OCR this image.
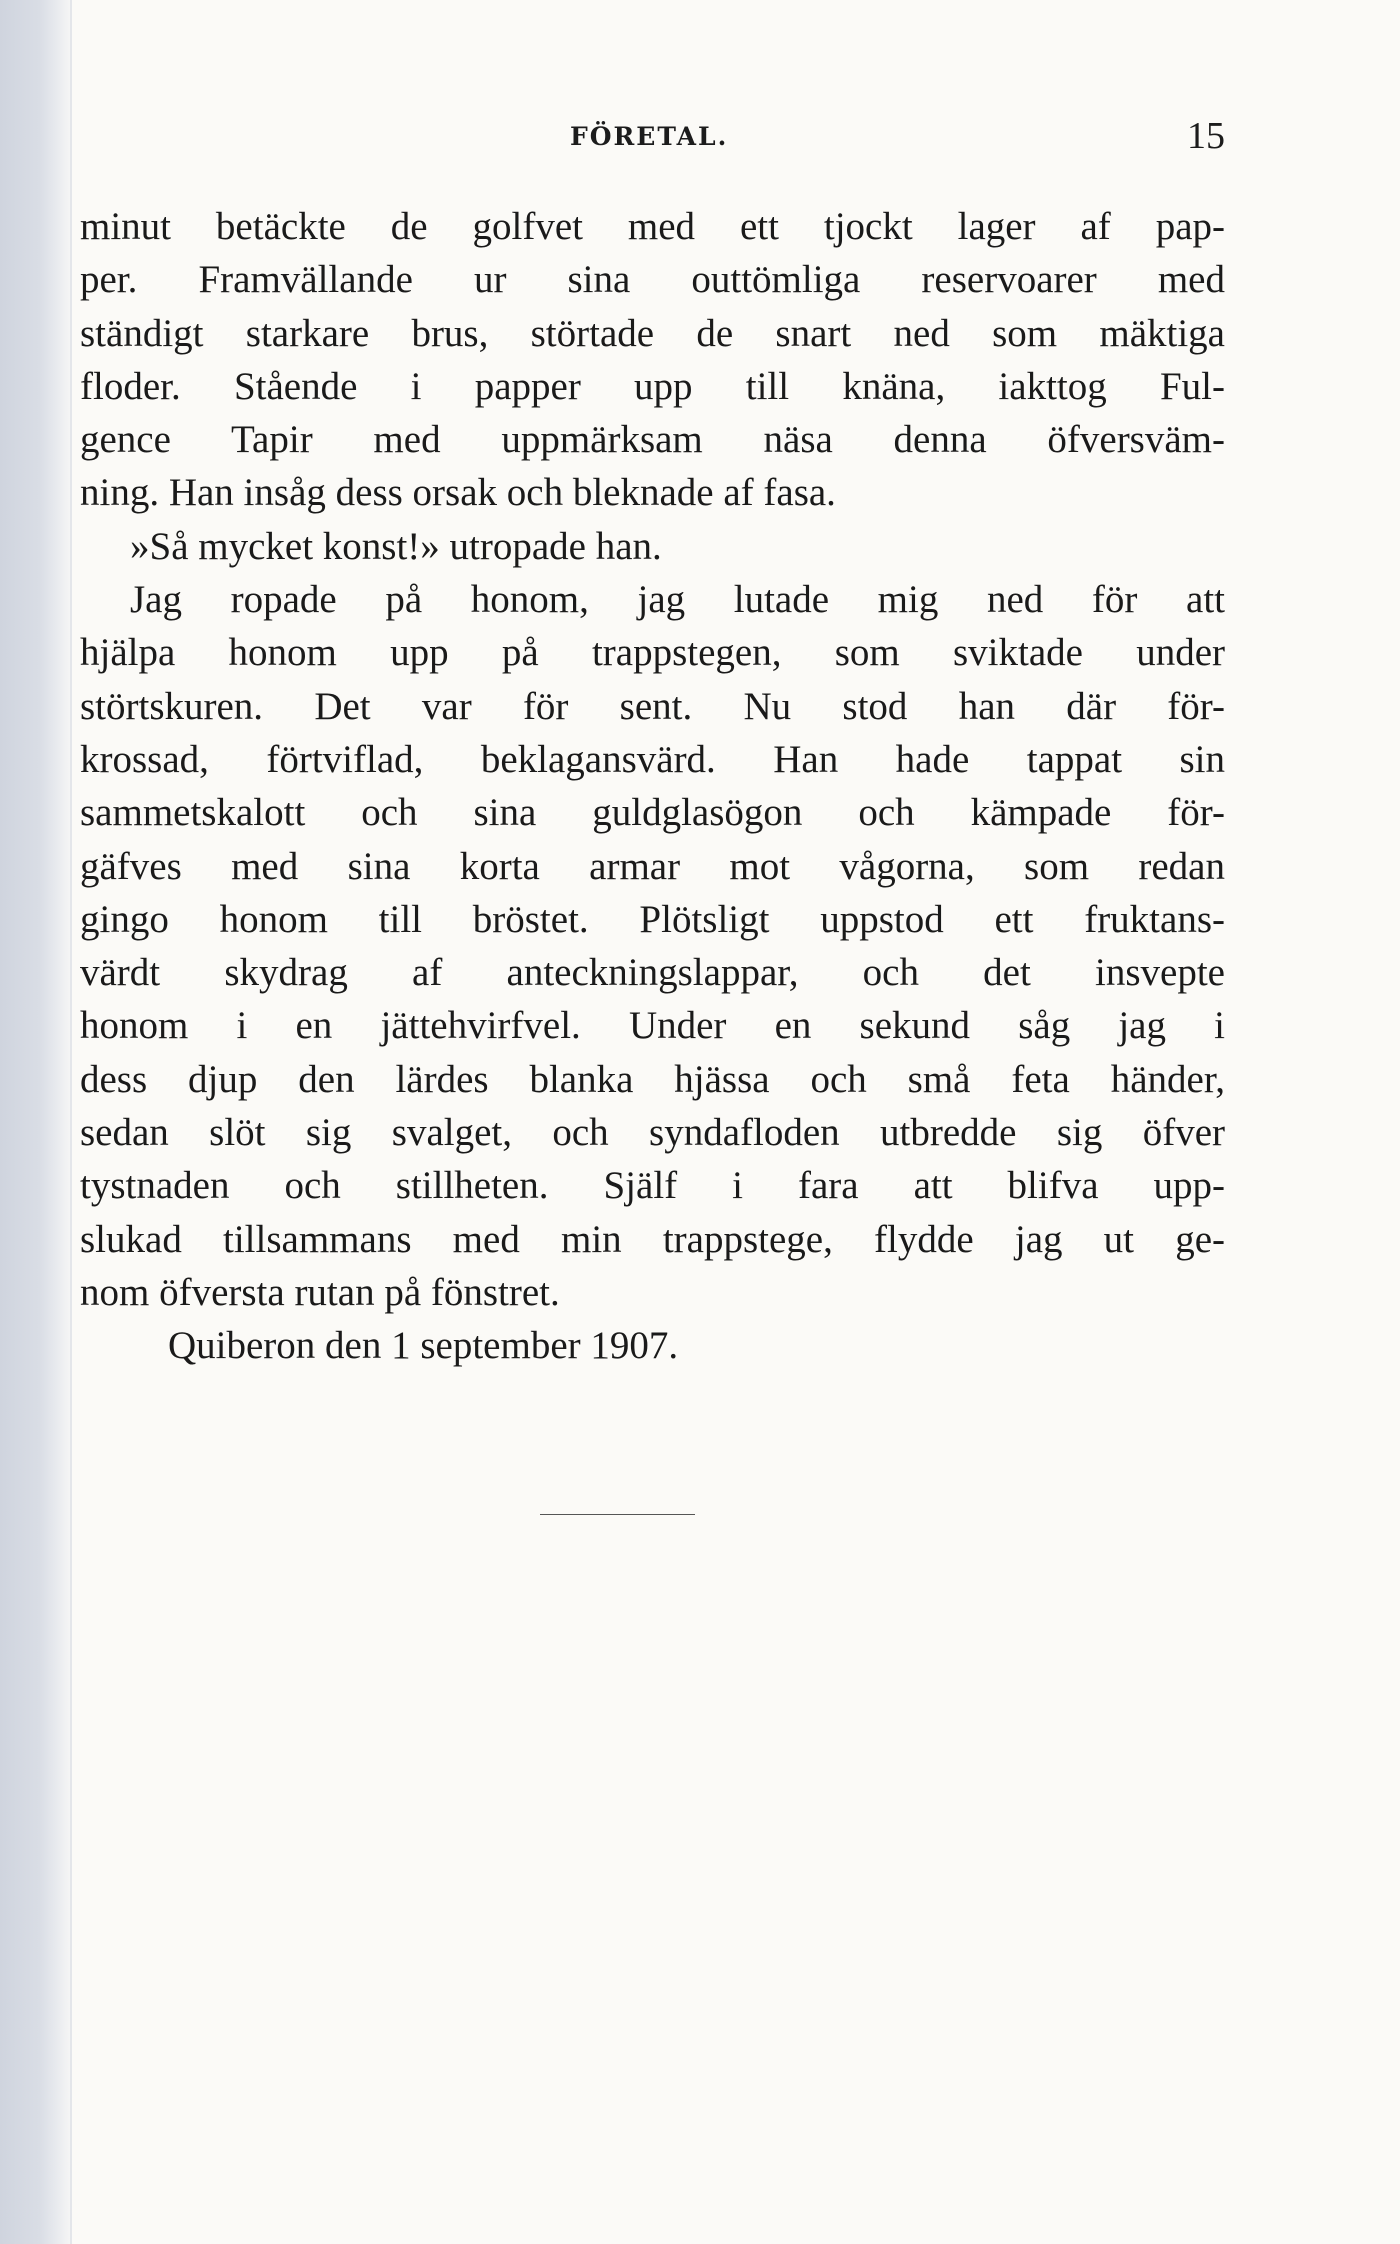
FÖRETAL.	15
minut betäckte de golfvet med ett tjockt lager af pap-
per. Framvällande ur sina outtömliga reservoarer med
ständigt starkare brus, störtade de snart ned som mäktiga
floder. Stående i papper upp till knäna, iakttog Ful-
gence Tapir med uppmärksam näsa denna öfversväm-
ning. Han insåg dess orsak och bleknade af fasa.
»Så mycket konst!» utropade han.
Jag ropade på honom, jag lutade mig ned för att
hjälpa honom upp på trappstegen, som sviktade under
störtskuren. Det var för sent. Nu stod han där för-
krossad, förtviflad, beklagansvärd. Han hade tappat sin
sammetskalott och sina guldglasögon och kämpade för-
gäfves med sina korta armar mot vågorna, som redan
gingo honom till bröstet. Plötsligt uppstod ett fruktans-
värdt skydrag af anteckningslappar, och det insvepte
honom i en jättehvirfvel. Under en sekund såg jag i
dess djup den lärdes blanka hjässa och små feta händer,
sedan slöt sig svalget, och syndafloden utbredde sig öfver
tystnaden och stillheten. Själf i fara att blifva upp-
slukad tillsammans med min trappstege, flydde jag ut ge-
nom öfversta rutan på fönstret.
Quiberon den 1 september 1907.
